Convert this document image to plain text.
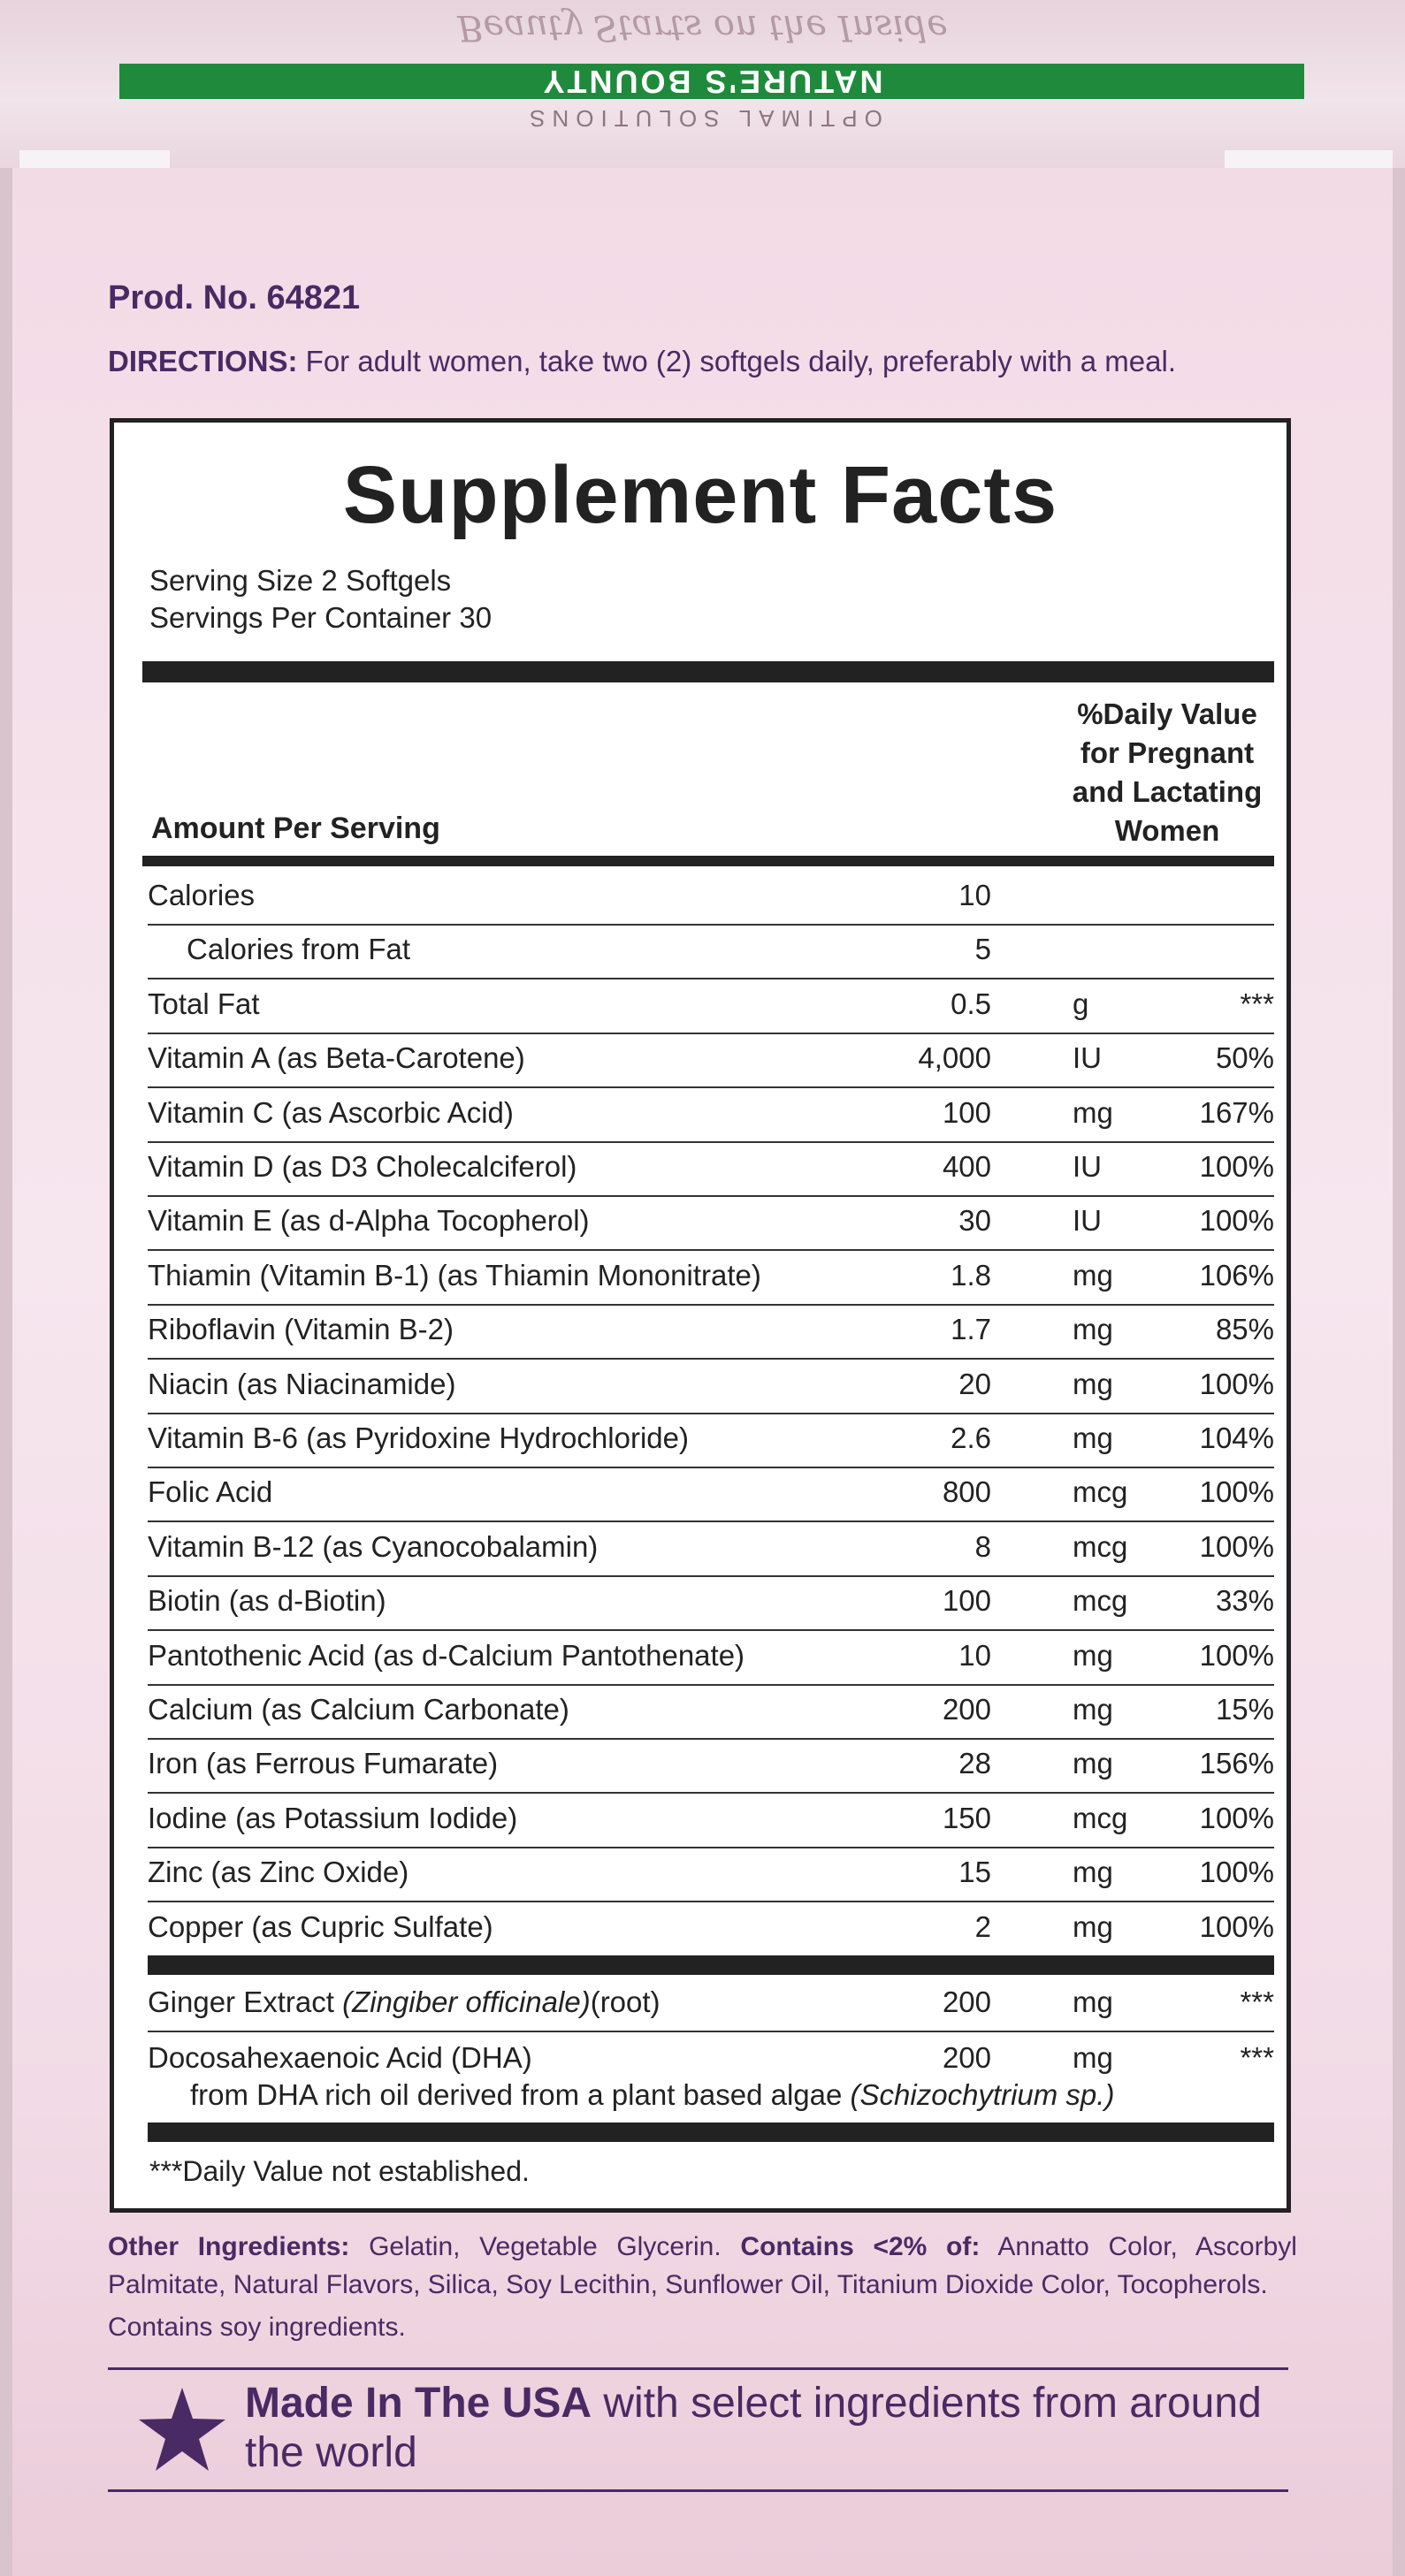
Beauty Starts on the Inside
NATURE'S BOUNTY
OPTIMAL SOLUTIONS
Prod. No. 64821
DIRECTIONS: For adult women, take two (2) softgels daily, preferably with a meal.
Supplement Facts
Serving Size 2 Softgels
Servings Per Container 30
%Daily Value
for Pregnant
and Lactating
Women
Amount Per Serving
Calories	10
Calories from Fat	5
Total Fat	0.5	g	***
Vitamin A (as Beta-Carotene)	4,000	IU	50%
Vitamin C (as Ascorbic Acid)	100	mg	167%
Vitamin D (as D3 Cholecalciferol)	400	IU	100%
Vitamin E (as d-Alpha Tocopherol)	30	IU	100%
Thiamin (Vitamin B-1) (as Thiamin Mononitrate)	1.8	mg	106%
Riboflavin (Vitamin B-2)	1.7	mg	85%
Niacin (as Niacinamide)	20	mg	100%
Vitamin B-6 (as Pyridoxine Hydrochloride)	2.6	mg	104%
Folic Acid	800	mcg 100%
Vitamin B-12 (as Cyanocobalamin)	8	mcg 100%
Biotin (as d-Biotin)	100	mcg	33%
Pantothenic Acid (as d-Calcium Pantothenate)	10	mg	100%
Calcium (as Calcium Carbonate)	200	mg	15%
Iron (as Ferrous Fumarate)	28	mg	156%
Iodine (as Potassium Iodide)	150	mcg 100%
Zinc (as Zinc Oxide)	15	mg	100%
Copper (as Cupric Sulfate)	2	mg	100%
Ginger Extract (Zingiber officinale)(root)	200	mg	***
Docosahexaenoic Acid (DHA)	200	mg	***
from DHA rich oil derived from a plant based algae (Schizochytrium sp.)
***Daily Value not established.
Other Ingredients: Gelatin, Vegetable Glycerin. Contains <2% of: Annatto Color, Ascorbyl Palmitate, Natural Flavors, Silica, Soy Lecithin, Sunflower Oil, Titanium Dioxide Color, Tocopherols.
Contains soy ingredients.
Made In The USA with select ingredients from around the world
